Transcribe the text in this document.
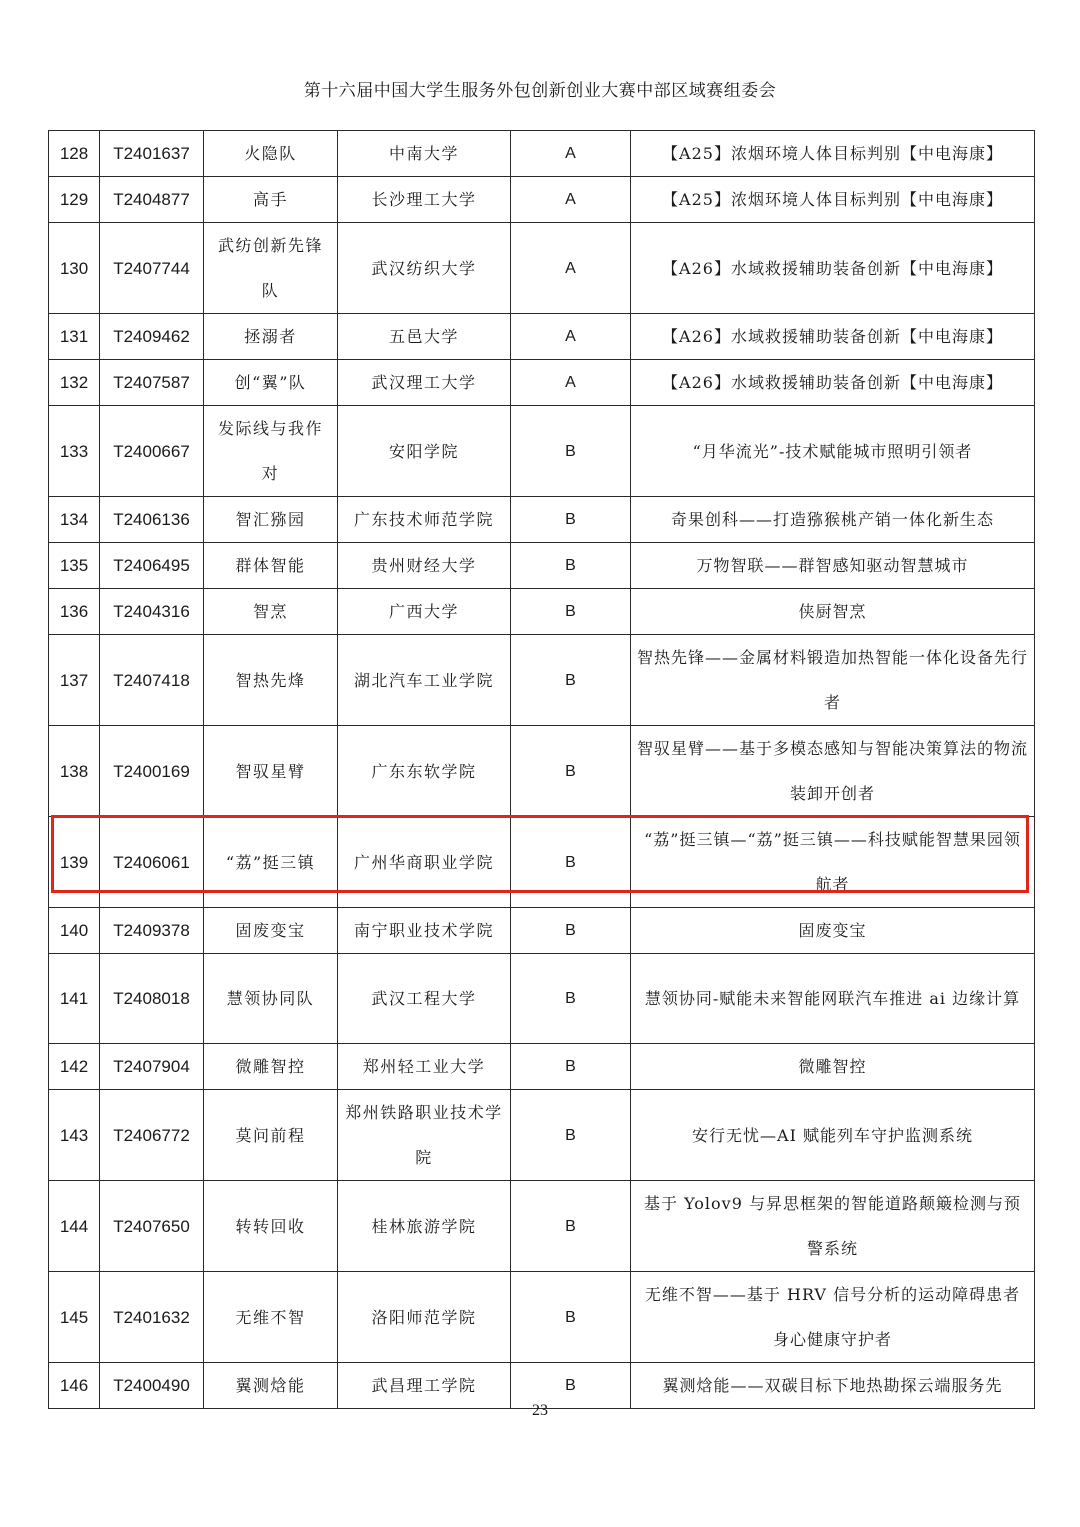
第十六届中国大学生服务外包创新创业大赛中部区域赛组委会
128	T2401637	火隐队	中南大学	A	【A25】浓烟环境人体目标判别【中电海康】
129	T2404877	高手	长沙理工大学	A	【A25】浓烟环境人体目标判别【中电海康】
130	T2407744	武纺创新先锋队	武汉纺织大学	A	【A26】水域救援辅助装备创新【中电海康】
131	T2409462	拯溺者	五邑大学	A	【A26】水域救援辅助装备创新【中电海康】
132	T2407587	创“翼”队	武汉理工大学	A	【A26】水域救援辅助装备创新【中电海康】
133	T2400667	发际线与我作对	安阳学院	B	“月华流光”-技术赋能城市照明引领者
134	T2406136	智汇猕园	广东技术师范学院	B	奇果创科——打造猕猴桃产销一体化新生态
135	T2406495	群体智能	贵州财经大学	B	万物智联——群智感知驱动智慧城市
136	T2404316	智烹	广西大学	B	侠厨智烹
137	T2407418	智热先烽	湖北汽车工业学院	B	智热先锋——金属材料锻造加热智能一体化设备先行者
138	T2400169	智驭星臂	广东东软学院	B	智驭星臂——基于多模态感知与智能决策算法的物流装卸开创者
139	T2406061	“荔”挺三镇	广州华商职业学院	B	“荔”挺三镇—“荔”挺三镇——科技赋能智慧果园领航者
140	T2409378	固废变宝	南宁职业技术学院	B	固废变宝
141	T2408018	慧领协同队	武汉工程大学	B	慧领协同-赋能未来智能网联汽车推进 ai 边缘计算
142	T2407904	微雕智控	郑州轻工业大学	B	微雕智控
143	T2406772	莫问前程	郑州铁路职业技术学院	B	安行无忧—AI 赋能列车守护监测系统
144	T2407650	转转回收	桂林旅游学院	B	基于 Yolov9 与昇思框架的智能道路颠簸检测与预警系统
145	T2401632	无维不智	洛阳师范学院	B	无维不智——基于 HRV 信号分析的运动障碍患者身心健康守护者
146	T2400490	翼测焓能	武昌理工学院	B	翼测焓能——双碳目标下地热勘探云端服务先
23
